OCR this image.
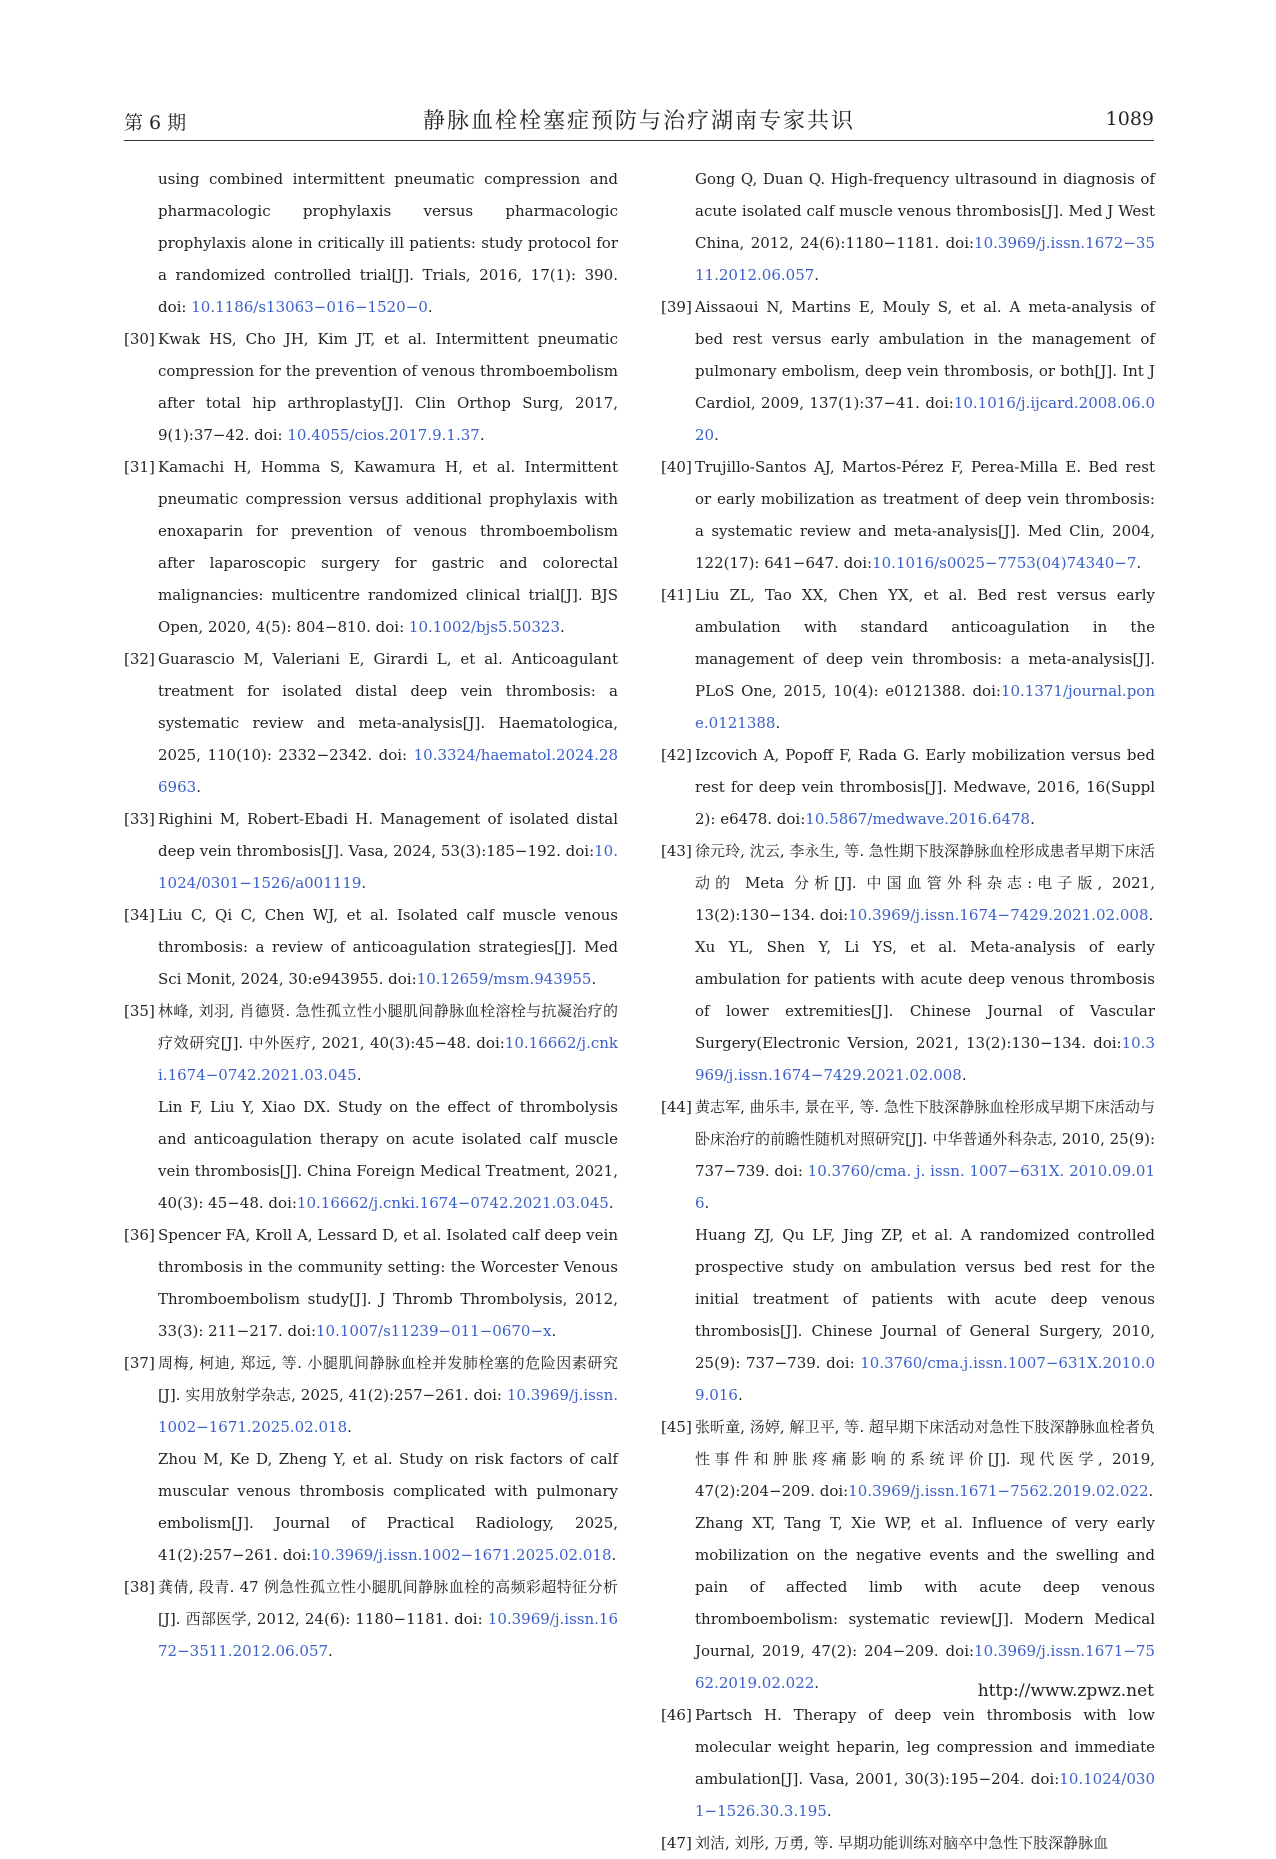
第 6 期	静脉血栓栓塞症预防与治疗湖南专家共识	1089
using combined intermittent pneumatic compression and pharmacologic prophylaxis versus pharmacologic prophylaxis alone in critically ill patients: study protocol for a randomized controlled trial[J]. Trials, 2016, 17(1): 390. doi: 10.1186/s13063−016−1520−0.
[30] Kwak HS, Cho JH, Kim JT, et al. Intermittent pneumatic compression for the prevention of venous thromboembolism after total hip arthroplasty[J]. Clin Orthop Surg, 2017, 9(1):37−42. doi: 10.4055/cios.2017.9.1.37.
[31] Kamachi H, Homma S, Kawamura H, et al. Intermittent pneumatic compression versus additional prophylaxis with enoxaparin for prevention of venous thromboembolism after laparoscopic surgery for gastric and colorectal malignancies: multicentre randomized clinical trial[J]. BJS Open, 2020, 4(5): 804−810. doi: 10.1002/bjs5.50323.
[32] Guarascio M, Valeriani E, Girardi L, et al. Anticoagulant treatment for isolated distal deep vein thrombosis: a systematic review and meta-analysis[J]. Haematologica, 2025, 110(10): 2332−2342. doi: 10.3324/haematol.2024.286963.
[33] Righini M, Robert-Ebadi H. Management of isolated distal deep vein thrombosis[J]. Vasa, 2024, 53(3):185−192. doi:10.1024/0301−1526/a001119.
[34] Liu C, Qi C, Chen WJ, et al. Isolated calf muscle venous thrombosis: a review of anticoagulation strategies[J]. Med Sci Monit, 2024, 30:e943955. doi:10.12659/msm.943955.
[35] 林峰, 刘羽, 肖德贤. 急性孤立性小腿肌间静脉血栓溶栓与抗凝治疗的疗效研究[J]. 中外医疗, 2021, 40(3):45−48. doi:10.16662/j.cnki.1674−0742.2021.03.045.
Lin F, Liu Y, Xiao DX. Study on the effect of thrombolysis and anticoagulation therapy on acute isolated calf muscle vein thrombosis[J]. China Foreign Medical Treatment, 2021, 40(3): 45−48. doi:10.16662/j.cnki.1674−0742.2021.03.045.
[36] Spencer FA, Kroll A, Lessard D, et al. Isolated calf deep vein thrombosis in the community setting: the Worcester Venous Thromboembolism study[J]. J Thromb Thrombolysis, 2012, 33(3): 211−217. doi:10.1007/s11239−011−0670−x.
[37] 周梅, 柯迪, 郑远, 等. 小腿肌间静脉血栓并发肺栓塞的危险因素研究[J]. 实用放射学杂志, 2025, 41(2):257−261. doi: 10.3969/j.issn.1002−1671.2025.02.018.
Zhou M, Ke D, Zheng Y, et al. Study on risk factors of calf muscular venous thrombosis complicated with pulmonary embolism[J]. Journal of Practical Radiology, 2025, 41(2):257−261. doi:10.3969/j.issn.1002−1671.2025.02.018.
[38] 龚倩, 段青. 47 例急性孤立性小腿肌间静脉血栓的高频彩超特征分析[J]. 西部医学, 2012, 24(6): 1180−1181. doi: 10.3969/j.issn.1672−3511.2012.06.057.
Gong Q, Duan Q. High-frequency ultrasound in diagnosis of acute isolated calf muscle venous thrombosis[J]. Med J West China, 2012, 24(6):1180−1181. doi:10.3969/j.issn.1672−3511.2012.06.057.
[39] Aissaoui N, Martins E, Mouly S, et al. A meta-analysis of bed rest versus early ambulation in the management of pulmonary embolism, deep vein thrombosis, or both[J]. Int J Cardiol, 2009, 137(1):37−41. doi:10.1016/j.ijcard.2008.06.020.
[40] Trujillo-Santos AJ, Martos-Pérez F, Perea-Milla E. Bed rest or early mobilization as treatment of deep vein thrombosis: a systematic review and meta-analysis[J]. Med Clin, 2004, 122(17): 641−647. doi:10.1016/s0025−7753(04)74340−7.
[41] Liu ZL, Tao XX, Chen YX, et al. Bed rest versus early ambulation with standard anticoagulation in the management of deep vein thrombosis: a meta-analysis[J]. PLoS One, 2015, 10(4): e0121388. doi:10.1371/journal.pone.0121388.
[42] Izcovich A, Popoff F, Rada G. Early mobilization versus bed rest for deep vein thrombosis[J]. Medwave, 2016, 16(Suppl 2): e6478. doi:10.5867/medwave.2016.6478.
[43] 徐元玲, 沈云, 李永生, 等. 急性期下肢深静脉血栓形成患者早期下床活动的 Meta 分析[J]. 中国血管外科杂志:电子版, 2021, 13(2):130−134. doi:10.3969/j.issn.1674−7429.2021.02.008.
Xu YL, Shen Y, Li YS, et al. Meta-analysis of early ambulation for patients with acute deep venous thrombosis of lower extremities[J]. Chinese Journal of Vascular Surgery(Electronic Version, 2021, 13(2):130−134. doi:10.3969/j.issn.1674−7429.2021.02.008.
[44] 黄志军, 曲乐丰, 景在平, 等. 急性下肢深静脉血栓形成早期下床活动与卧床治疗的前瞻性随机对照研究[J]. 中华普通外科杂志, 2010, 25(9): 737−739. doi: 10.3760/cma. j. issn. 1007−631X. 2010.09.016.
Huang ZJ, Qu LF, Jing ZP, et al. A randomized controlled prospective study on ambulation versus bed rest for the initial treatment of patients with acute deep venous thrombosis[J]. Chinese Journal of General Surgery, 2010, 25(9): 737−739. doi: 10.3760/cma.j.issn.1007−631X.2010.09.016.
[45] 张昕童, 汤婷, 解卫平, 等. 超早期下床活动对急性下肢深静脉血栓者负性事件和肿胀疼痛影响的系统评价[J]. 现代医学, 2019, 47(2):204−209. doi:10.3969/j.issn.1671−7562.2019.02.022.
Zhang XT, Tang T, Xie WP, et al. Influence of very early mobilization on the negative events and the swelling and pain of affected limb with acute deep venous thromboembolism: systematic review[J]. Modern Medical Journal, 2019, 47(2): 204−209. doi:10.3969/j.issn.1671−7562.2019.02.022.
[46] Partsch H. Therapy of deep vein thrombosis with low molecular weight heparin, leg compression and immediate ambulation[J]. Vasa, 2001, 30(3):195−204. doi:10.1024/0301−1526.30.3.195.
[47] 刘洁, 刘彤, 万勇, 等. 早期功能训练对脑卒中急性下肢深静脉血
http://www.zpwz.net
